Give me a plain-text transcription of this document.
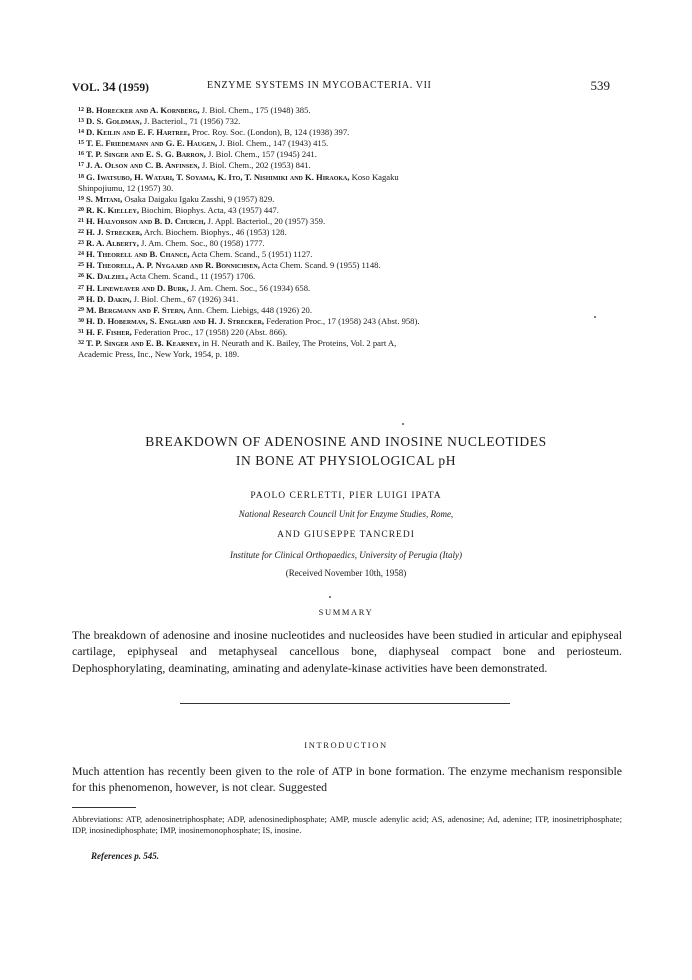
VOL. 34 (1959)	ENZYME SYSTEMS IN MYCOBACTERIA. VII	539
$^{12}$ B. Horecker and A. Kornberg, J. Biol. Chem., 175 (1948) 385.
$^{13}$ D. S. Goldman, J. Bacteriol., 71 (1956) 732.
$^{14}$ D. Keilin and E. F. Hartree, Proc. Roy. Soc. (London), B, 124 (1938) 397.
$^{15}$ T. E. Friedemann and G. E. Haugen, J. Biol. Chem., 147 (1943) 415.
$^{16}$ T. P. Singer and E. S. G. Barron, J. Biol. Chem., 157 (1945) 241.
$^{17}$ J. A. Olson and C. B. Anfinsen, J. Biol. Chem., 202 (1953) 841.
$^{18}$ G. Iwatsubo, H. Watari, T. Soyama, K. Ito, T. Nishimiki and K. Hiraoka, Koso Kagaku
Shinpojiumu, 12 (1957) 30.
$^{19}$ S. Mitani, Osaka Daigaku Igaku Zasshi, 9 (1957) 829.
$^{20}$ R. K. Kielley, Biochim. Biophys. Acta, 43 (1957) 447.
$^{21}$ H. Halvorson and B. D. Church, J. Appl. Bacteriol., 20 (1957) 359.
$^{22}$ H. J. Strecker, Arch. Biochem. Biophys., 46 (1953) 128.
$^{23}$ R. A. Alberty, J. Am. Chem. Soc., 80 (1958) 1777.
$^{24}$ H. Theorell and B. Chance, Acta Chem. Scand., 5 (1951) 1127.
$^{25}$ H. Theorell, A. P. Nygaard and R. Bonnichsen, Acta Chem. Scand. 9 (1955) 1148.
$^{26}$ K. Dalziel, Acta Chem. Scand., 11 (1957) 1706.
$^{27}$ H. Lineweaver and D. Burk, J. Am. Chem. Soc., 56 (1934) 658.
$^{28}$ H. D. Dakin, J. Biol. Chem., 67 (1926) 341.
$^{29}$ M. Bergmann and F. Stern, Ann. Chem. Liebigs, 448 (1926) 20.
$^{30}$ H. D. Hoberman, S. Englard and H. J. Strecker, Federation Proc., 17 (1958) 243 (Abst. 958).
$^{31}$ H. F. Fisher, Federation Proc., 17 (1958) 220 (Abst. 866).
$^{32}$ T. P. Singer and E. B. Kearney, in H. Neurath and K. Bailey, The Proteins, Vol. 2 part A,
Academic Press, Inc., New York, 1954, p. 189.
BREAKDOWN OF ADENOSINE AND INOSINE NUCLEOTIDES
IN BONE AT PHYSIOLOGICAL pH
PAOLO CERLETTI, PIER LUIGI IPATA
National Research Council Unit for Enzyme Studies, Rome,
AND GIUSEPPE TANCREDI
Institute for Clinical Orthopaedics, University of Perugia (Italy)
(Received November 10th, 1958)
SUMMARY
The breakdown of adenosine and inosine nucleotides and nucleosides have been studied in articular and epiphyseal cartilage, epiphyseal and metaphyseal cancellous bone, diaphyseal compact bone and periosteum. Dephosphorylating, deaminating, aminating and adenylate-kinase activities have been demonstrated.
INTRODUCTION
Much attention has recently been given to the role of ATP in bone formation. The enzyme mechanism responsible for this phenomenon, however, is not clear. Suggested
Abbreviations: ATP, adenosinetriphosphate; ADP, adenosinediphosphate; AMP, muscle adenylic acid; AS, adenosine; Ad, adenine; ITP, inosinetriphosphate; IDP, inosinediphosphate; IMP, inosinemonophosphate; IS, inosine.
References p. 545.
